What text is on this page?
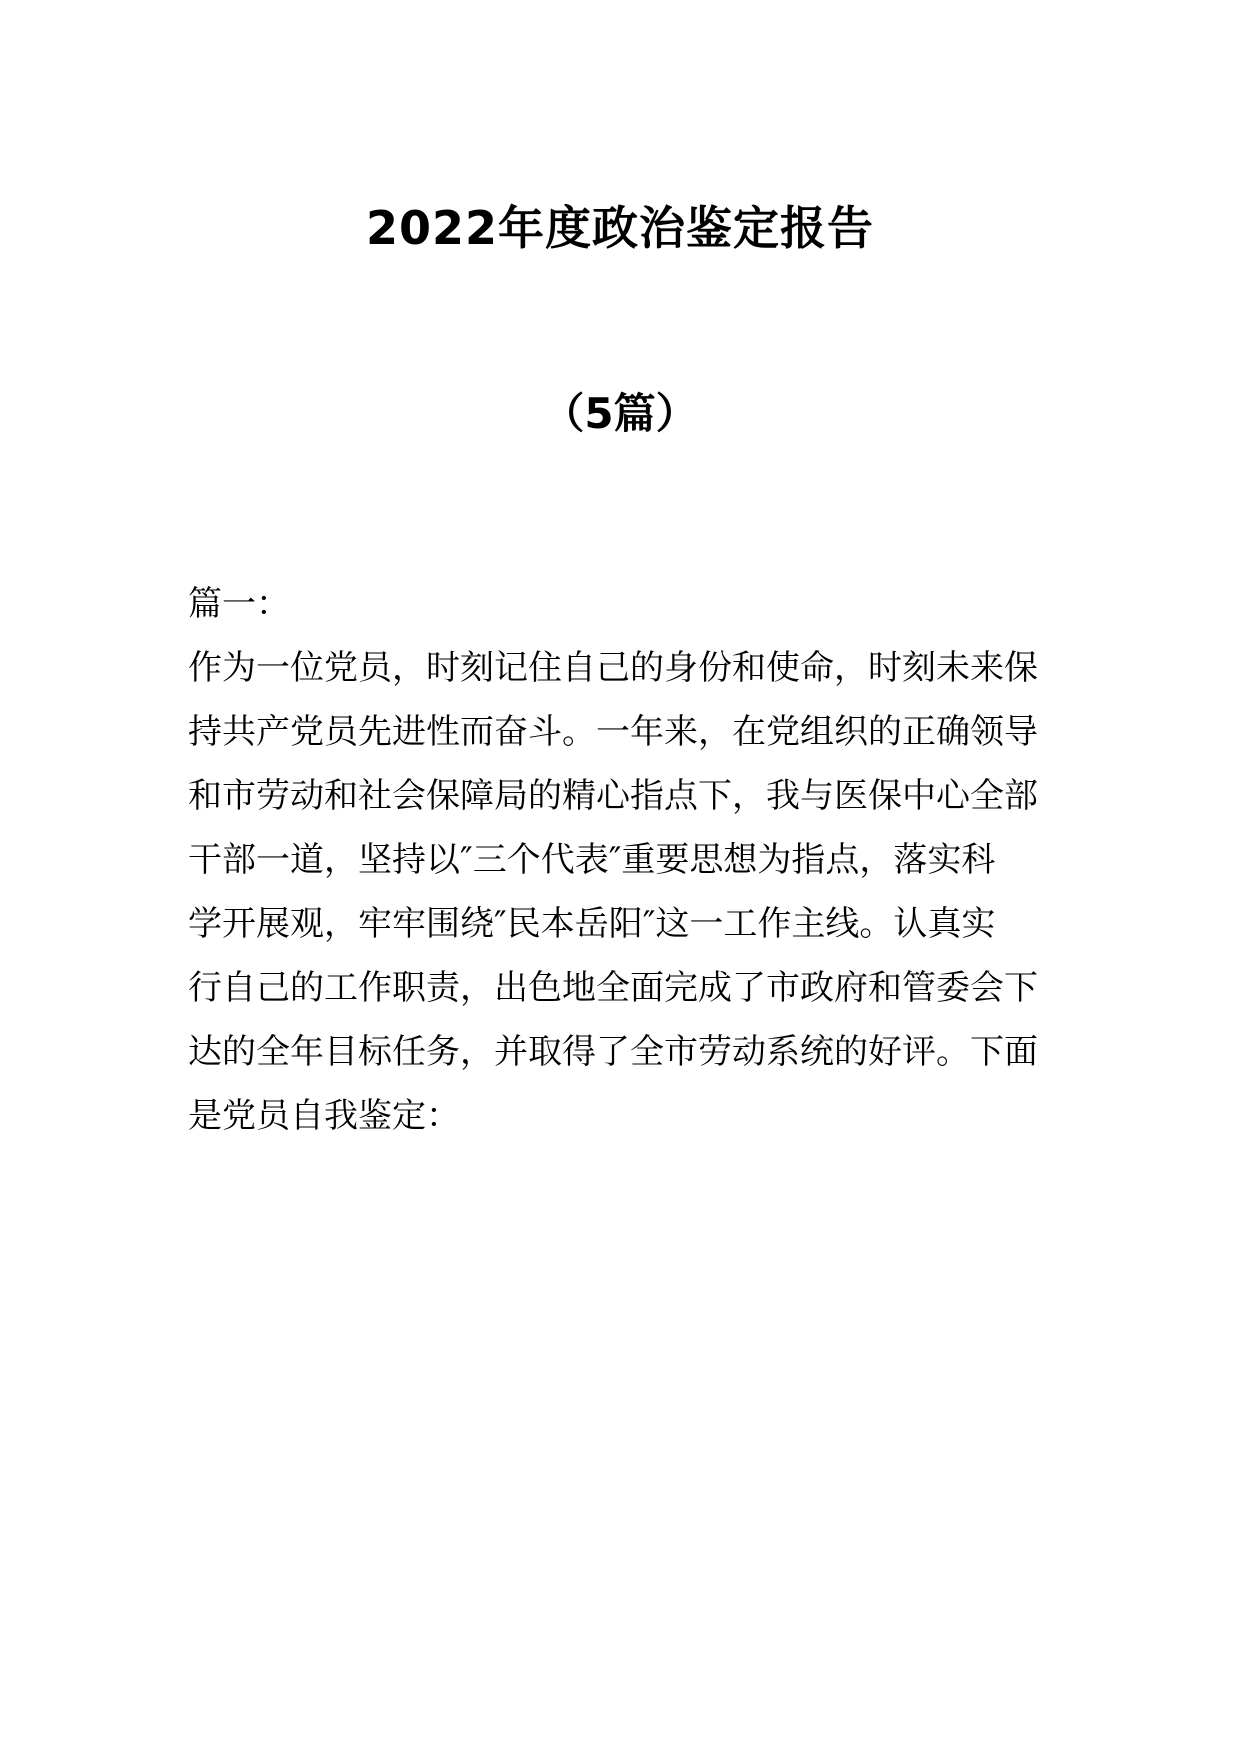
2022年度政治鉴定报告
（5篇）
篇一：
作为一位党员，时刻记住自己的身份和使命，时刻未来保
持共产党员先进性而奋斗。一年来，在党组织的正确领导
和市劳动和社会保障局的精心指点下，我与医保中心全部
干部一道，坚持以″三个代表″重要思想为指点，落实科
学开展观，牢牢围绕″民本岳阳″这一工作主线。认真实
行自己的工作职责，出色地全面完成了市政府和管委会下
达的全年目标任务，并取得了全市劳动系统的好评。下面
是党员自我鉴定：
